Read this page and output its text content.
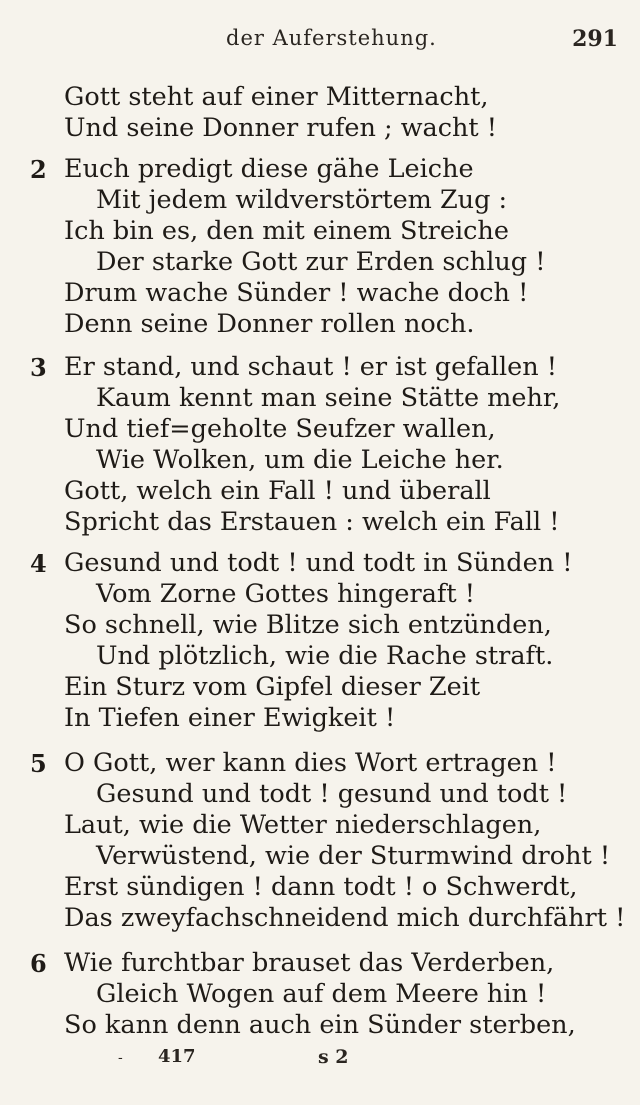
der Auferstehung.	291
Gott steht auf einer Mitternacht,
Und seine Donner rufen ; wacht !
2 Euch predigt diese gähe Leiche
Mit jedem wildverstörtem Zug :
Ich bin es, den mit einem Streiche
Der starke Gott zur Erden schlug !
Drum wache Sünder ! wache doch !
Denn seine Donner rollen noch.
3 Er stand, und schaut ! er ist gefallen !
Kaum kennt man seine Stätte mehr,
Und tief=geholte Seufzer wallen,
Wie Wolken, um die Leiche her.
Gott, welch ein Fall ! und überall
Spricht das Erstauen : welch ein Fall !
4 Gesund und todt ! und todt in Sünden !
Vom Zorne Gottes hingeraft !
So schnell, wie Blitze sich entzünden,
Und plötzlich, wie die Rache straft.
Ein Sturz vom Gipfel dieser Zeit
In Tiefen einer Ewigkeit !
5 O Gott, wer kann dies Wort ertragen !
Gesund und todt ! gesund und todt !
Laut, wie die Wetter niederschlagen,
Verwüstend, wie der Sturmwind droht !
Erst sündigen ! dann todt ! o Schwerdt,
Das zweyfachschneidend mich durchfährt !
6 Wie furchtbar brauset das Verderben,
Gleich Wogen auf dem Meere hin !
So kann denn auch ein Sünder sterben,
- 417	s 2
